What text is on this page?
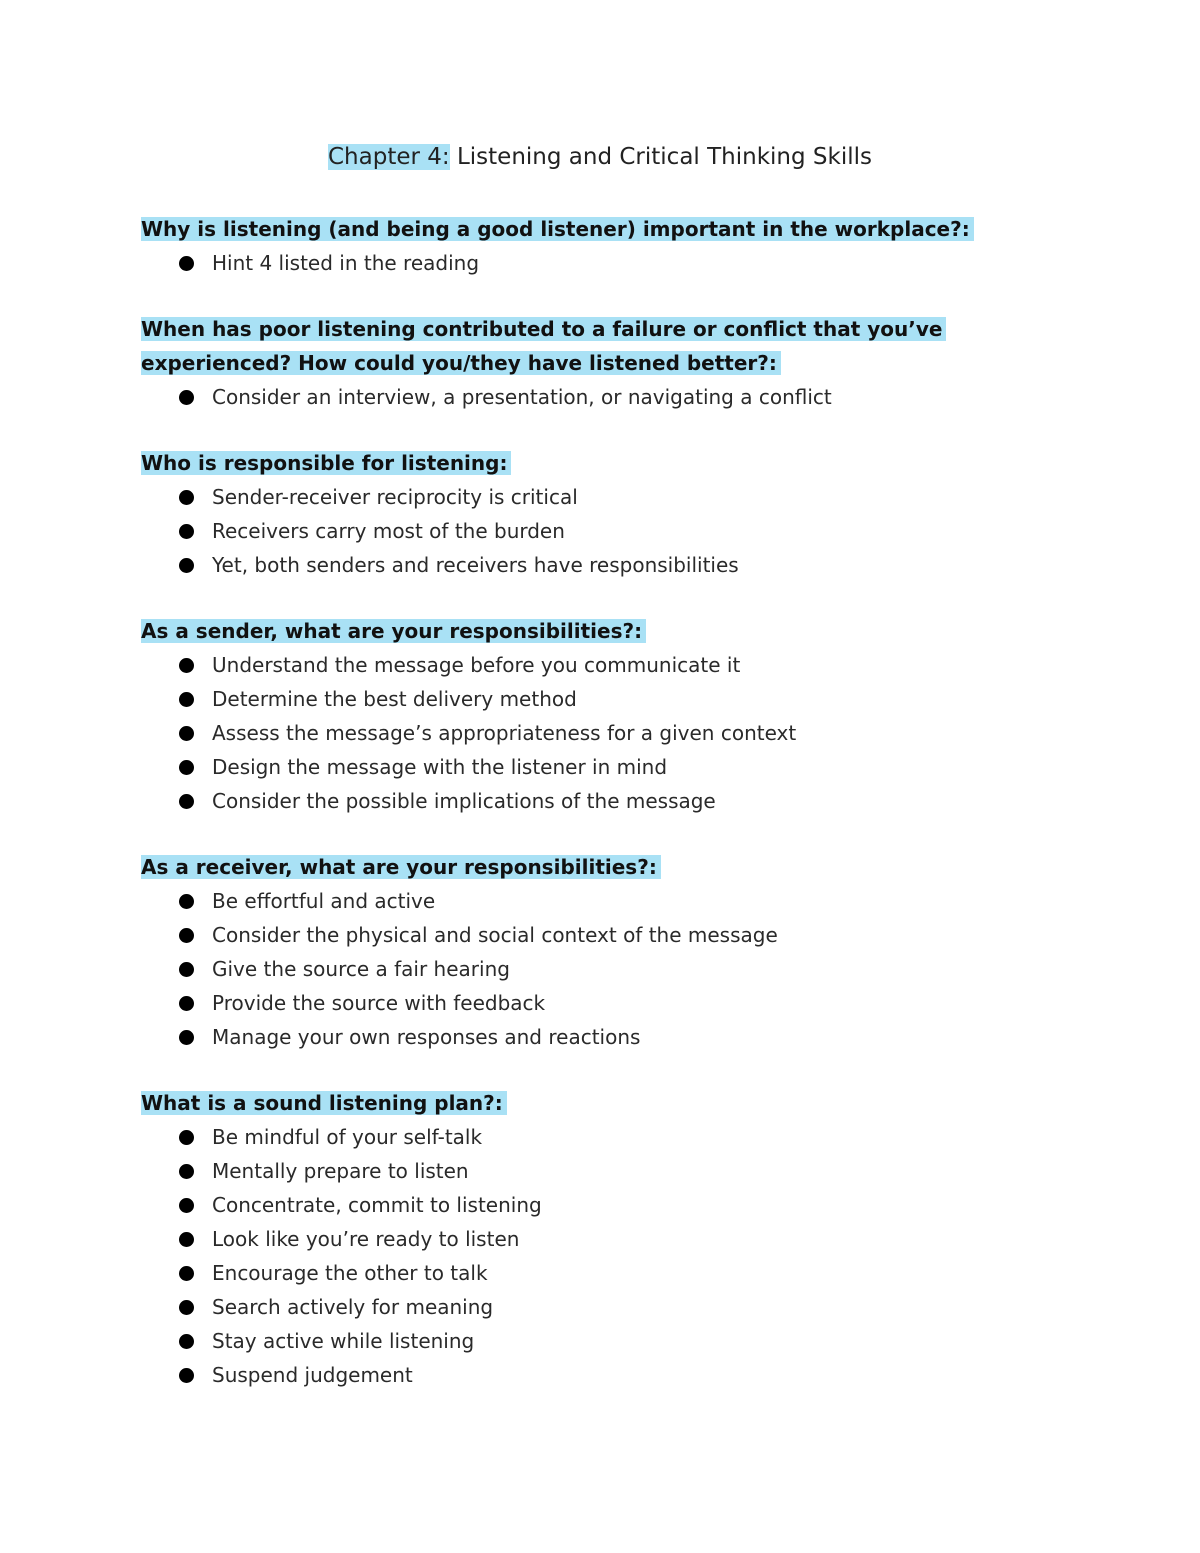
Chapter 4: Listening and Critical Thinking Skills

Why is listening (and being a good listener) important in the workplace?:

Hint 4 listed in the reading

When has poor listening contributed to a failure or conflict that you’ve
experienced? How could you/they have listened better?:

Consider an interview, a presentation, or navigating a conflict

Who is responsible for listening:

Sender-receiver reciprocity is critical
Receivers carry most of the burden
Yet, both senders and receivers have responsibilities

As a sender, what are your responsibilities?:

Understand the message before you communicate it
Determine the best delivery method
Assess the message’s appropriateness for a given context
Design the message with the listener in mind
Consider the possible implications of the message

As a receiver, what are your responsibilities?:

Be effortful and active
Consider the physical and social context of the message
Give the source a fair hearing
Provide the source with feedback
Manage your own responses and reactions

What is a sound listening plan?:

Be mindful of your self-talk
Mentally prepare to listen
Concentrate, commit to listening
Look like you’re ready to listen
Encourage the other to talk
Search actively for meaning
Stay active while listening
Suspend judgement
